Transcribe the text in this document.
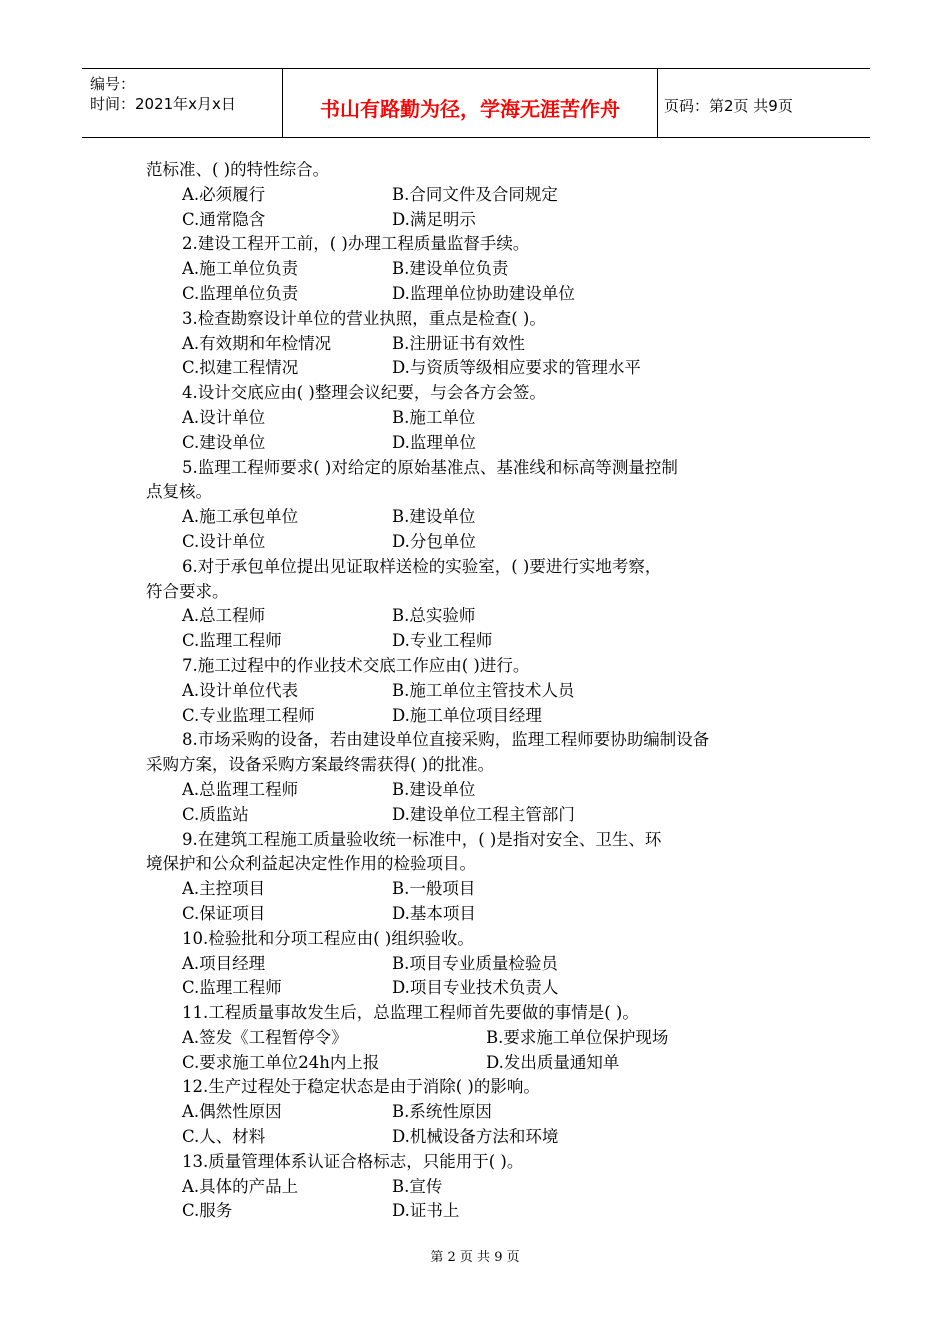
编号：
时间：2021年x月x日	书山有路勤为径，学海无涯苦作舟	页码：第2页 共9页
范标准、( )的特性综合。
A.必须履行	B.合同文件及合同规定
C.通常隐含	D.满足明示
2.建设工程开工前，( )办理工程质量监督手续。
A.施工单位负责	B.建设单位负责
C.监理单位负责	D.监理单位协助建设单位
3.检查勘察设计单位的营业执照，重点是检查( )。
A.有效期和年检情况	B.注册证书有效性
C.拟建工程情况	D.与资质等级相应要求的管理水平
4.设计交底应由( )整理会议纪要，与会各方会签。
A.设计单位	B.施工单位
C.建设单位	D.监理单位
5.监理工程师要求( )对给定的原始基准点、基准线和标高等测量控制
点复核。
A.施工承包单位	B.建设单位
C.设计单位	D.分包单位
6.对于承包单位提出见证取样送检的实验室，( )要进行实地考察，
符合要求。
A.总工程师	B.总实验师
C.监理工程师	D.专业工程师
7.施工过程中的作业技术交底工作应由( )进行。
A.设计单位代表	B.施工单位主管技术人员
C.专业监理工程师	D.施工单位项目经理
8.市场采购的设备，若由建设单位直接采购，监理工程师要协助编制设备
采购方案，设备采购方案最终需获得( )的批准。
A.总监理工程师	B.建设单位
C.质监站	D.建设单位工程主管部门
9.在建筑工程施工质量验收统一标准中，( )是指对安全、卫生、环
境保护和公众利益起决定性作用的检验项目。
A.主控项目	B.一般项目
C.保证项目	D.基本项目
10.检验批和分项工程应由( )组织验收。
A.项目经理	B.项目专业质量检验员
C.监理工程师	D.项目专业技术负责人
11.工程质量事故发生后，总监理工程师首先要做的事情是( )。
A.签发《工程暂停令》	B.要求施工单位保护现场
C.要求施工单位24h内上报	D.发出质量通知单
12.生产过程处于稳定状态是由于消除( )的影响。
A.偶然性原因	B.系统性原因
C.人、材料	D.机械设备方法和环境
13.质量管理体系认证合格标志，只能用于( )。
A.具体的产品上	B.宣传
C.服务	D.证书上
第 2 页 共 9 页
